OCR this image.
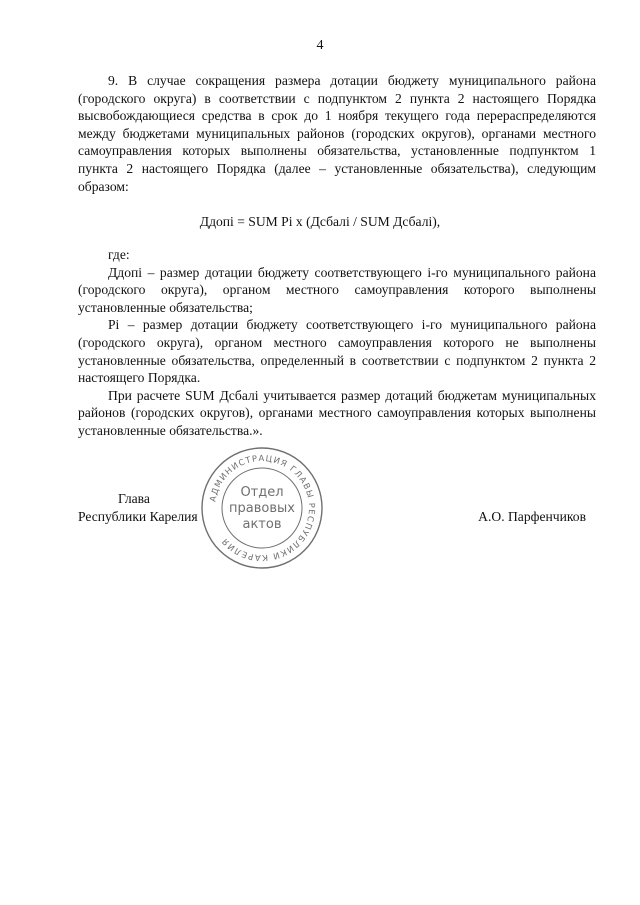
4

9. В случае сокращения размера дотации бюджету муниципального района (городского округа) в соответствии с подпунктом 2 пункта 2 настоящего Порядка высвобождающиеся средства в срок до 1 ноября текущего года перераспределяются между бюджетами муниципальных районов (городских округов), органами местного самоуправления которых выполнены обязательства, установленные подпунктом 1 пункта 2 настоящего Порядка (далее – установленные обязательства), следующим образом:

Ддопi = SUM Pi x (Дсбалi / SUM Дсбалi),

где:

Ддопi – размер дотации бюджету соответствующего i-го муниципального района (городского округа), органом местного самоуправления которого выполнены установленные обязательства;

Pi – размер дотации бюджету соответствующего i-го муниципального района (городского округа), органом местного самоуправления которого не выполнены установленные обязательства, определенный в соответствии с подпунктом 2 пункта 2 настоящего Порядка.

При расчете SUM Дсбалi учитывается размер дотаций бюджетам муниципальных районов (городских округов), органами местного самоуправления которых выполнены установленные обязательства.».

Глава
Республики Карелия	А.О. Парфенчиков
АДМИНИСТРАЦИЯ ГЛАВЫ РЕСПУБЛИКИ КАРЕЛИЯ
Отдел
правовых
актов
